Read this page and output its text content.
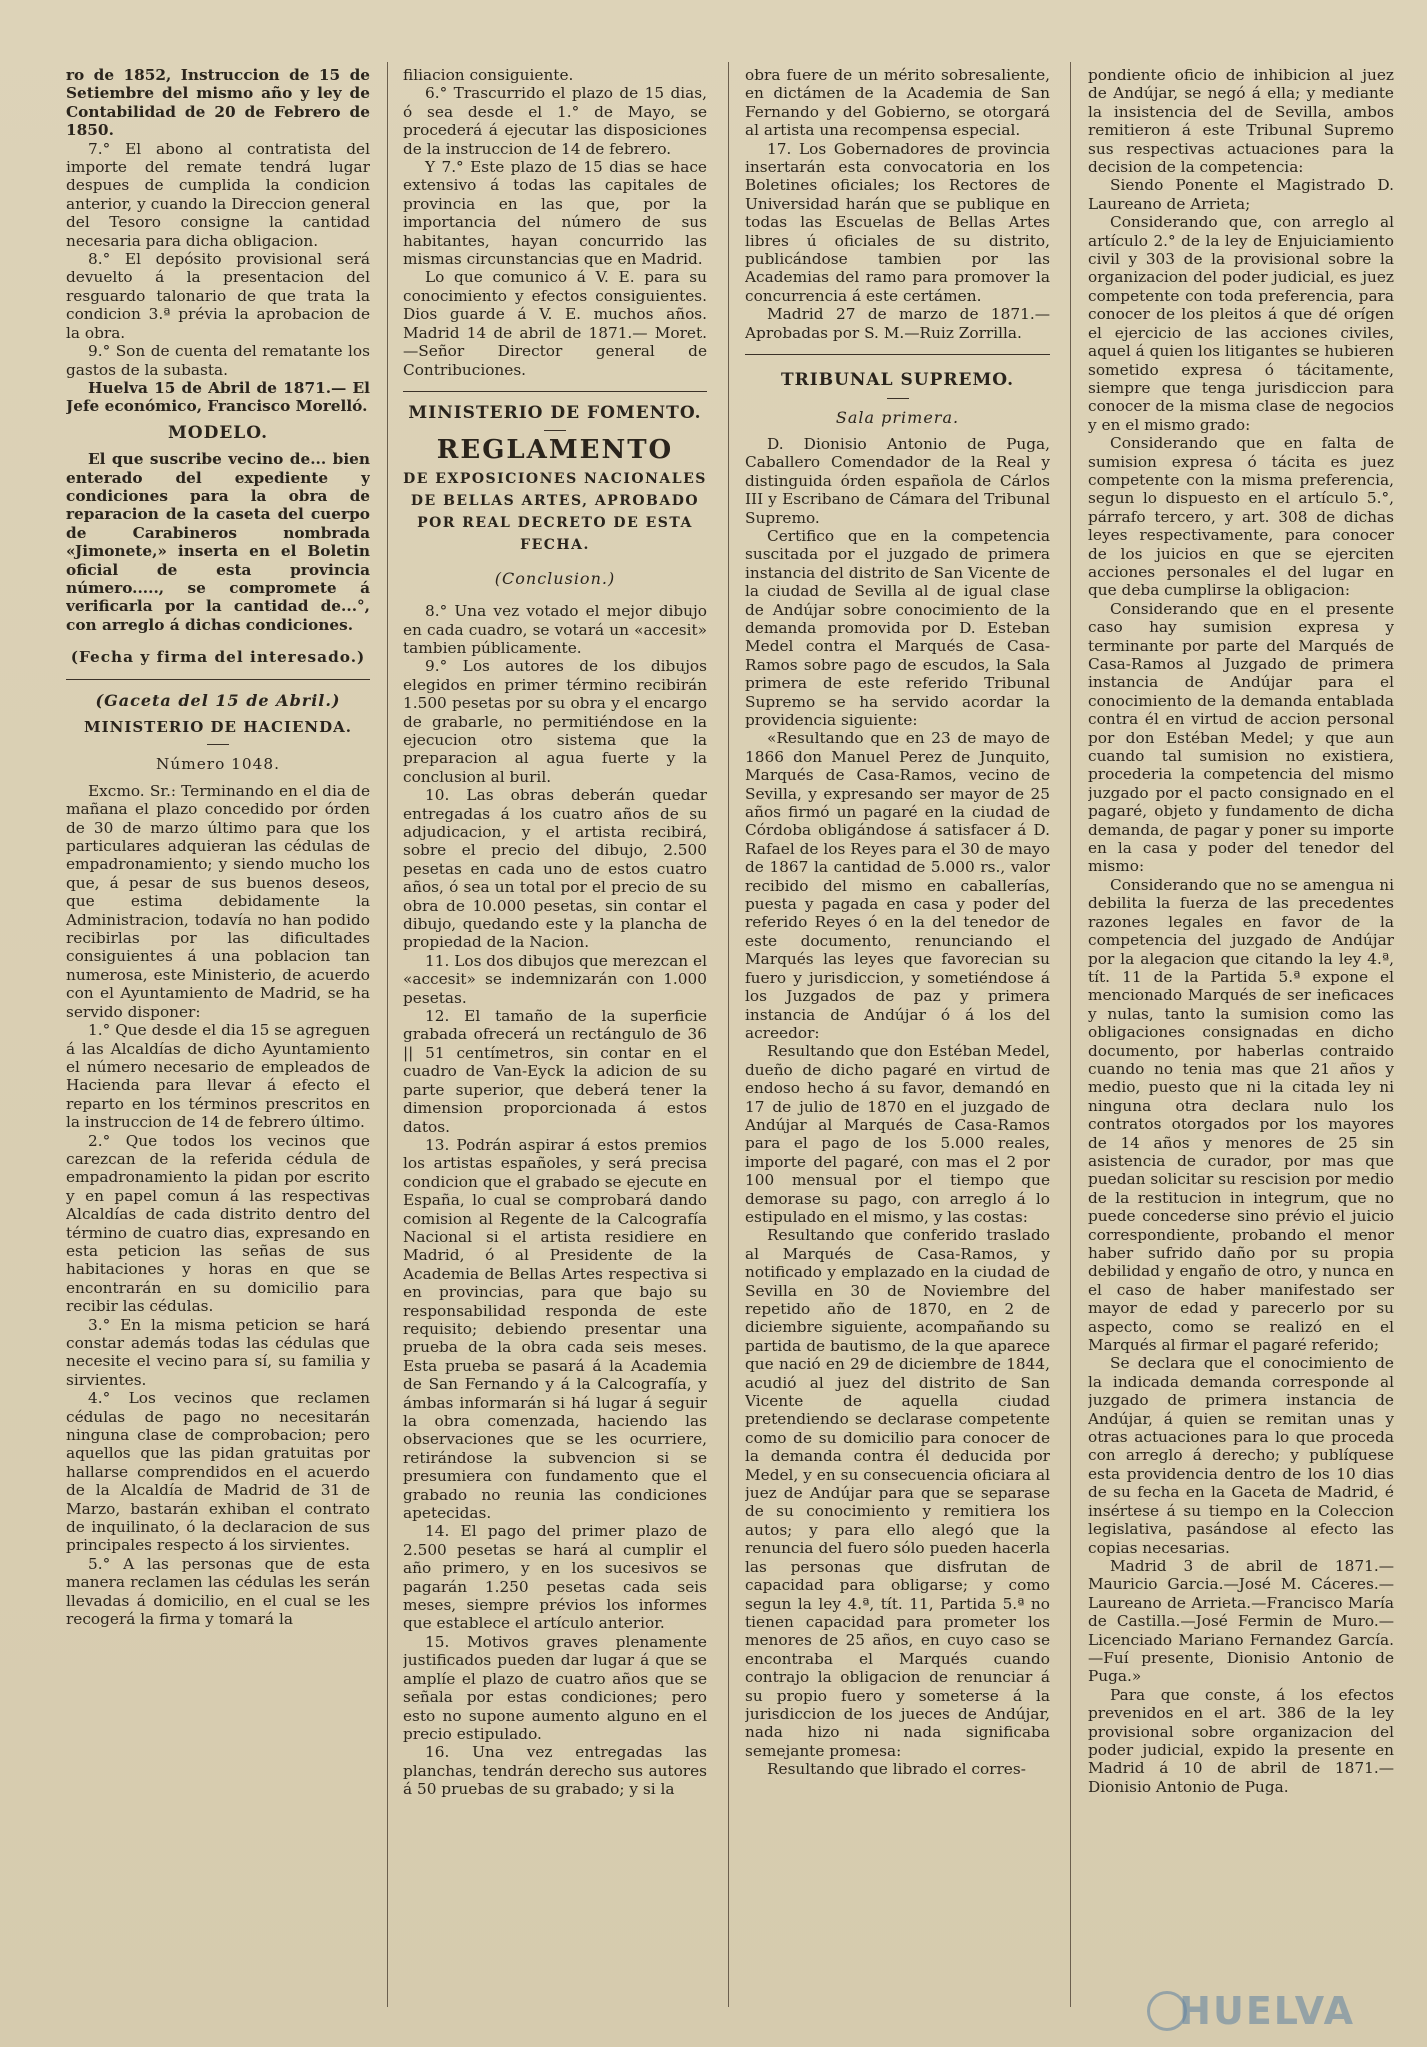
ro de 1852, Instruccion de 15 de Setiembre del mismo año y ley de Contabilidad de 20 de Febrero de 1850.

7.° El abono al contratista del importe del remate tendrá lugar despues de cumplida la condicion anterior, y cuando la Direccion general del Tesoro consigne la cantidad necesaria para dicha obligacion.

8.° El depósito provisional será devuelto á la presentacion del resguardo talonario de que trata la condicion 3.ª prévia la aprobacion de la obra.

9.° Son de cuenta del rematante los gastos de la subasta.

Huelva 15 de Abril de 1871.— El Jefe económico, Francisco Morelló.

MODELO.

El que suscribe vecino de... bien enterado del expediente y condiciones para la obra de reparacion de la caseta del cuerpo de Carabineros nombrada «Jimonete,» inserta en el Boletin oficial de esta provincia número....., se compromete á verificarla por la cantidad de...°, con arreglo á dichas condiciones.

(Fecha y firma del interesado.)
(Gaceta del 15 de Abril.)
MINISTERIO DE HACIENDA.
Número 1048.

Excmo. Sr.: Terminando en el dia de mañana el plazo concedido por órden de 30 de marzo último para que los particulares adquieran las cédulas de empadronamiento; y siendo mucho los que, á pesar de sus buenos deseos, que estima debidamente la Administracion, todavía no han podido recibirlas por las dificultades consiguientes á una poblacion tan numerosa, este Ministerio, de acuerdo con el Ayuntamiento de Madrid, se ha servido disponer:

1.° Que desde el dia 15 se agreguen á las Alcaldías de dicho Ayuntamiento el número necesario de empleados de Hacienda para llevar á efecto el reparto en los términos prescritos en la instruccion de 14 de febrero último.

2.° Que todos los vecinos que carezcan de la referida cédula de empadronamiento la pidan por escrito y en papel comun á las respectivas Alcaldías de cada distrito dentro del término de cuatro dias, expresando en esta peticion las señas de sus habitaciones y horas en que se encontrarán en su domicilio para recibir las cédulas.

3.° En la misma peticion se hará constar además todas las cédulas que necesite el vecino para sí, su familia y sirvientes.

4.° Los vecinos que reclamen cédulas de pago no necesitarán ninguna clase de comprobacion; pero aquellos que las pidan gratuitas por hallarse comprendidos en el acuerdo de la Alcaldía de Madrid de 31 de Marzo, bastarán exhiban el contrato de inquilinato, ó la declaracion de sus principales respecto á los sirvientes.

5.° A las personas que de esta manera reclamen las cédulas les serán llevadas á domicilio, en el cual se les recogerá la firma y tomará la

filiacion consiguiente.

6.° Trascurrido el plazo de 15 dias, ó sea desde el 1.° de Mayo, se procederá á ejecutar las disposiciones de la instruccion de 14 de febrero.

Y 7.° Este plazo de 15 dias se hace extensivo á todas las capitales de provincia en las que, por la importancia del número de sus habitantes, hayan concurrido las mismas circunstancias que en Madrid.

Lo que comunico á V. E. para su conocimiento y efectos consiguientes. Dios guarde á V. E. muchos años. Madrid 14 de abril de 1871.— Moret.—Señor Director general de Contribuciones.

MINISTERIO DE FOMENTO.
REGLAMENTO
DE EXPOSICIONES NACIONALES DE BELLAS ARTES, APROBADO POR REAL DECRETO DE ESTA FECHA.
(Conclusion.)

8.° Una vez votado el mejor dibujo en cada cuadro, se votará un «accesit» tambien públicamente.

9.° Los autores de los dibujos elegidos en primer término recibirán 1.500 pesetas por su obra y el encargo de grabarle, no permitiéndose en la ejecucion otro sistema que la preparacion al agua fuerte y la conclusion al buril.

10. Las obras deberán quedar entregadas á los cuatro años de su adjudicacion, y el artista recibirá, sobre el precio del dibujo, 2.500 pesetas en cada uno de estos cuatro años, ó sea un total por el precio de su obra de 10.000 pesetas, sin contar el dibujo, quedando este y la plancha de propiedad de la Nacion.

11. Los dos dibujos que merezcan el «accesit» se indemnizarán con 1.000 pesetas.

12. El tamaño de la superficie grabada ofrecerá un rectángulo de 36 || 51 centímetros, sin contar en el cuadro de Van-Eyck la adicion de su parte superior, que deberá tener la dimension proporcionada á estos datos.

13. Podrán aspirar á estos premios los artistas españoles, y será precisa condicion que el grabado se ejecute en España, lo cual se comprobará dando comision al Regente de la Calcografía Nacional si el artista residiere en Madrid, ó al Presidente de la Academia de Bellas Artes respectiva si en provincias, para que bajo su responsabilidad responda de este requisito; debiendo presentar una prueba de la obra cada seis meses. Esta prueba se pasará á la Academia de San Fernando y á la Calcografía, y ámbas informarán si há lugar á seguir la obra comenzada, haciendo las observaciones que se les ocurriere, retirándose la subvencion si se presumiera con fundamento que el grabado no reunia las condiciones apetecidas.

14. El pago del primer plazo de 2.500 pesetas se hará al cumplir el año primero, y en los sucesivos se pagarán 1.250 pesetas cada seis meses, siempre prévios los informes que establece el artículo anterior.

15. Motivos graves plenamente justificados pueden dar lugar á que se amplíe el plazo de cuatro años que se señala por estas condiciones; pero esto no supone aumento alguno en el precio estipulado.

16. Una vez entregadas las planchas, tendrán derecho sus autores á 50 pruebas de su grabado; y si la

obra fuere de un mérito sobresaliente, en dictámen de la Academia de San Fernando y del Gobierno, se otorgará al artista una recompensa especial.

17. Los Gobernadores de provincia insertarán esta convocatoria en los Boletines oficiales; los Rectores de Universidad harán que se publique en todas las Escuelas de Bellas Artes libres ú oficiales de su distrito, publicándose tambien por las Academias del ramo para promover la concurrencia á este certámen.

Madrid 27 de marzo de 1871.— Aprobadas por S. M.—Ruiz Zorrilla.

TRIBUNAL SUPREMO.
Sala primera.

D. Dionisio Antonio de Puga, Caballero Comendador de la Real y distinguida órden española de Cárlos III y Escribano de Cámara del Tribunal Supremo.

Certifico que en la competencia suscitada por el juzgado de primera instancia del distrito de San Vicente de la ciudad de Sevilla al de igual clase de Andújar sobre conocimiento de la demanda promovida por D. Esteban Medel contra el Marqués de Casa-Ramos sobre pago de escudos, la Sala primera de este referido Tribunal Supremo se ha servido acordar la providencia siguiente:

«Resultando que en 23 de mayo de 1866 don Manuel Perez de Junquito, Marqués de Casa-Ramos, vecino de Sevilla, y expresando ser mayor de 25 años firmó un pagaré en la ciudad de Córdoba obligándose á satisfacer á D. Rafael de los Reyes para el 30 de mayo de 1867 la cantidad de 5.000 rs., valor recibido del mismo en caballerías, puesta y pagada en casa y poder del referido Reyes ó en la del tenedor de este documento, renunciando el Marqués las leyes que favorecian su fuero y jurisdiccion, y sometiéndose á los Juzgados de paz y primera instancia de Andújar ó á los del acreedor:

Resultando que don Estéban Medel, dueño de dicho pagaré en virtud de endoso hecho á su favor, demandó en 17 de julio de 1870 en el juzgado de Andújar al Marqués de Casa-Ramos para el pago de los 5.000 reales, importe del pagaré, con mas el 2 por 100 mensual por el tiempo que demorase su pago, con arreglo á lo estipulado en el mismo, y las costas:

Resultando que conferido traslado al Marqués de Casa-Ramos, y notificado y emplazado en la ciudad de Sevilla en 30 de Noviembre del repetido año de 1870, en 2 de diciembre siguiente, acompañando su partida de bautismo, de la que aparece que nació en 29 de diciembre de 1844, acudió al juez del distrito de San Vicente de aquella ciudad pretendiendo se declarase competente como de su domicilio para conocer de la demanda contra él deducida por Medel, y en su consecuencia oficiara al juez de Andújar para que se separase de su conocimiento y remitiera los autos; y para ello alegó que la renuncia del fuero sólo pueden hacerla las personas que disfrutan de capacidad para obligarse; y como segun la ley 4.ª, tít. 11, Partida 5.ª no tienen capacidad para prometer los menores de 25 años, en cuyo caso se encontraba el Marqués cuando contrajo la obligacion de renunciar á su propio fuero y someterse á la jurisdiccion de los jueces de Andújar, nada hizo ni nada significaba semejante promesa:

Resultando que librado el corres-

pondiente oficio de inhibicion al juez de Andújar, se negó á ella; y mediante la insistencia del de Sevilla, ambos remitieron á este Tribunal Supremo sus respectivas actuaciones para la decision de la competencia:

Siendo Ponente el Magistrado D. Laureano de Arrieta;

Considerando que, con arreglo al artículo 2.° de la ley de Enjuiciamiento civil y 303 de la provisional sobre la organizacion del poder judicial, es juez competente con toda preferencia, para conocer de los pleitos á que dé orígen el ejercicio de las acciones civiles, aquel á quien los litigantes se hubieren sometido expresa ó tácitamente, siempre que tenga jurisdiccion para conocer de la misma clase de negocios y en el mismo grado:

Considerando que en falta de sumision expresa ó tácita es juez competente con la misma preferencia, segun lo dispuesto en el artículo 5.°, párrafo tercero, y art. 308 de dichas leyes respectivamente, para conocer de los juicios en que se ejerciten acciones personales el del lugar en que deba cumplirse la obligacion:

Considerando que en el presente caso hay sumision expresa y terminante por parte del Marqués de Casa-Ramos al Juzgado de primera instancia de Andújar para el conocimiento de la demanda entablada contra él en virtud de accion personal por don Estéban Medel; y que aun cuando tal sumision no existiera, procederia la competencia del mismo juzgado por el pacto consignado en el pagaré, objeto y fundamento de dicha demanda, de pagar y poner su importe en la casa y poder del tenedor del mismo:

Considerando que no se amengua ni debilita la fuerza de las precedentes razones legales en favor de la competencia del juzgado de Andújar por la alegacion que citando la ley 4.ª, tít. 11 de la Partida 5.ª expone el mencionado Marqués de ser ineficaces y nulas, tanto la sumision como las obligaciones consignadas en dicho documento, por haberlas contraido cuando no tenia mas que 21 años y medio, puesto que ni la citada ley ni ninguna otra declara nulo los contratos otorgados por los mayores de 14 años y menores de 25 sin asistencia de curador, por mas que puedan solicitar su rescision por medio de la restitucion in integrum, que no puede concederse sino prévio el juicio correspondiente, probando el menor haber sufrido daño por su propia debilidad y engaño de otro, y nunca en el caso de haber manifestado ser mayor de edad y parecerlo por su aspecto, como se realizó en el Marqués al firmar el pagaré referido;

Se declara que el conocimiento de la indicada demanda corresponde al juzgado de primera instancia de Andújar, á quien se remitan unas y otras actuaciones para lo que proceda con arreglo á derecho; y publíquese esta providencia dentro de los 10 dias de su fecha en la Gaceta de Madrid, é insértese á su tiempo en la Coleccion legislativa, pasándose al efecto las copias necesarias.

Madrid 3 de abril de 1871.—Mauricio Garcia.—José M. Cáceres.— Laureano de Arrieta.—Francisco María de Castilla.—José Fermin de Muro.—Licenciado Mariano Fernandez García.—Fuí presente, Dionisio Antonio de Puga.»

Para que conste, á los efectos prevenidos en el art. 386 de la ley provisional sobre organizacion del poder judicial, expido la presente en Madrid á 10 de abril de 1871.—Dionisio Antonio de Puga.

HUELVA
